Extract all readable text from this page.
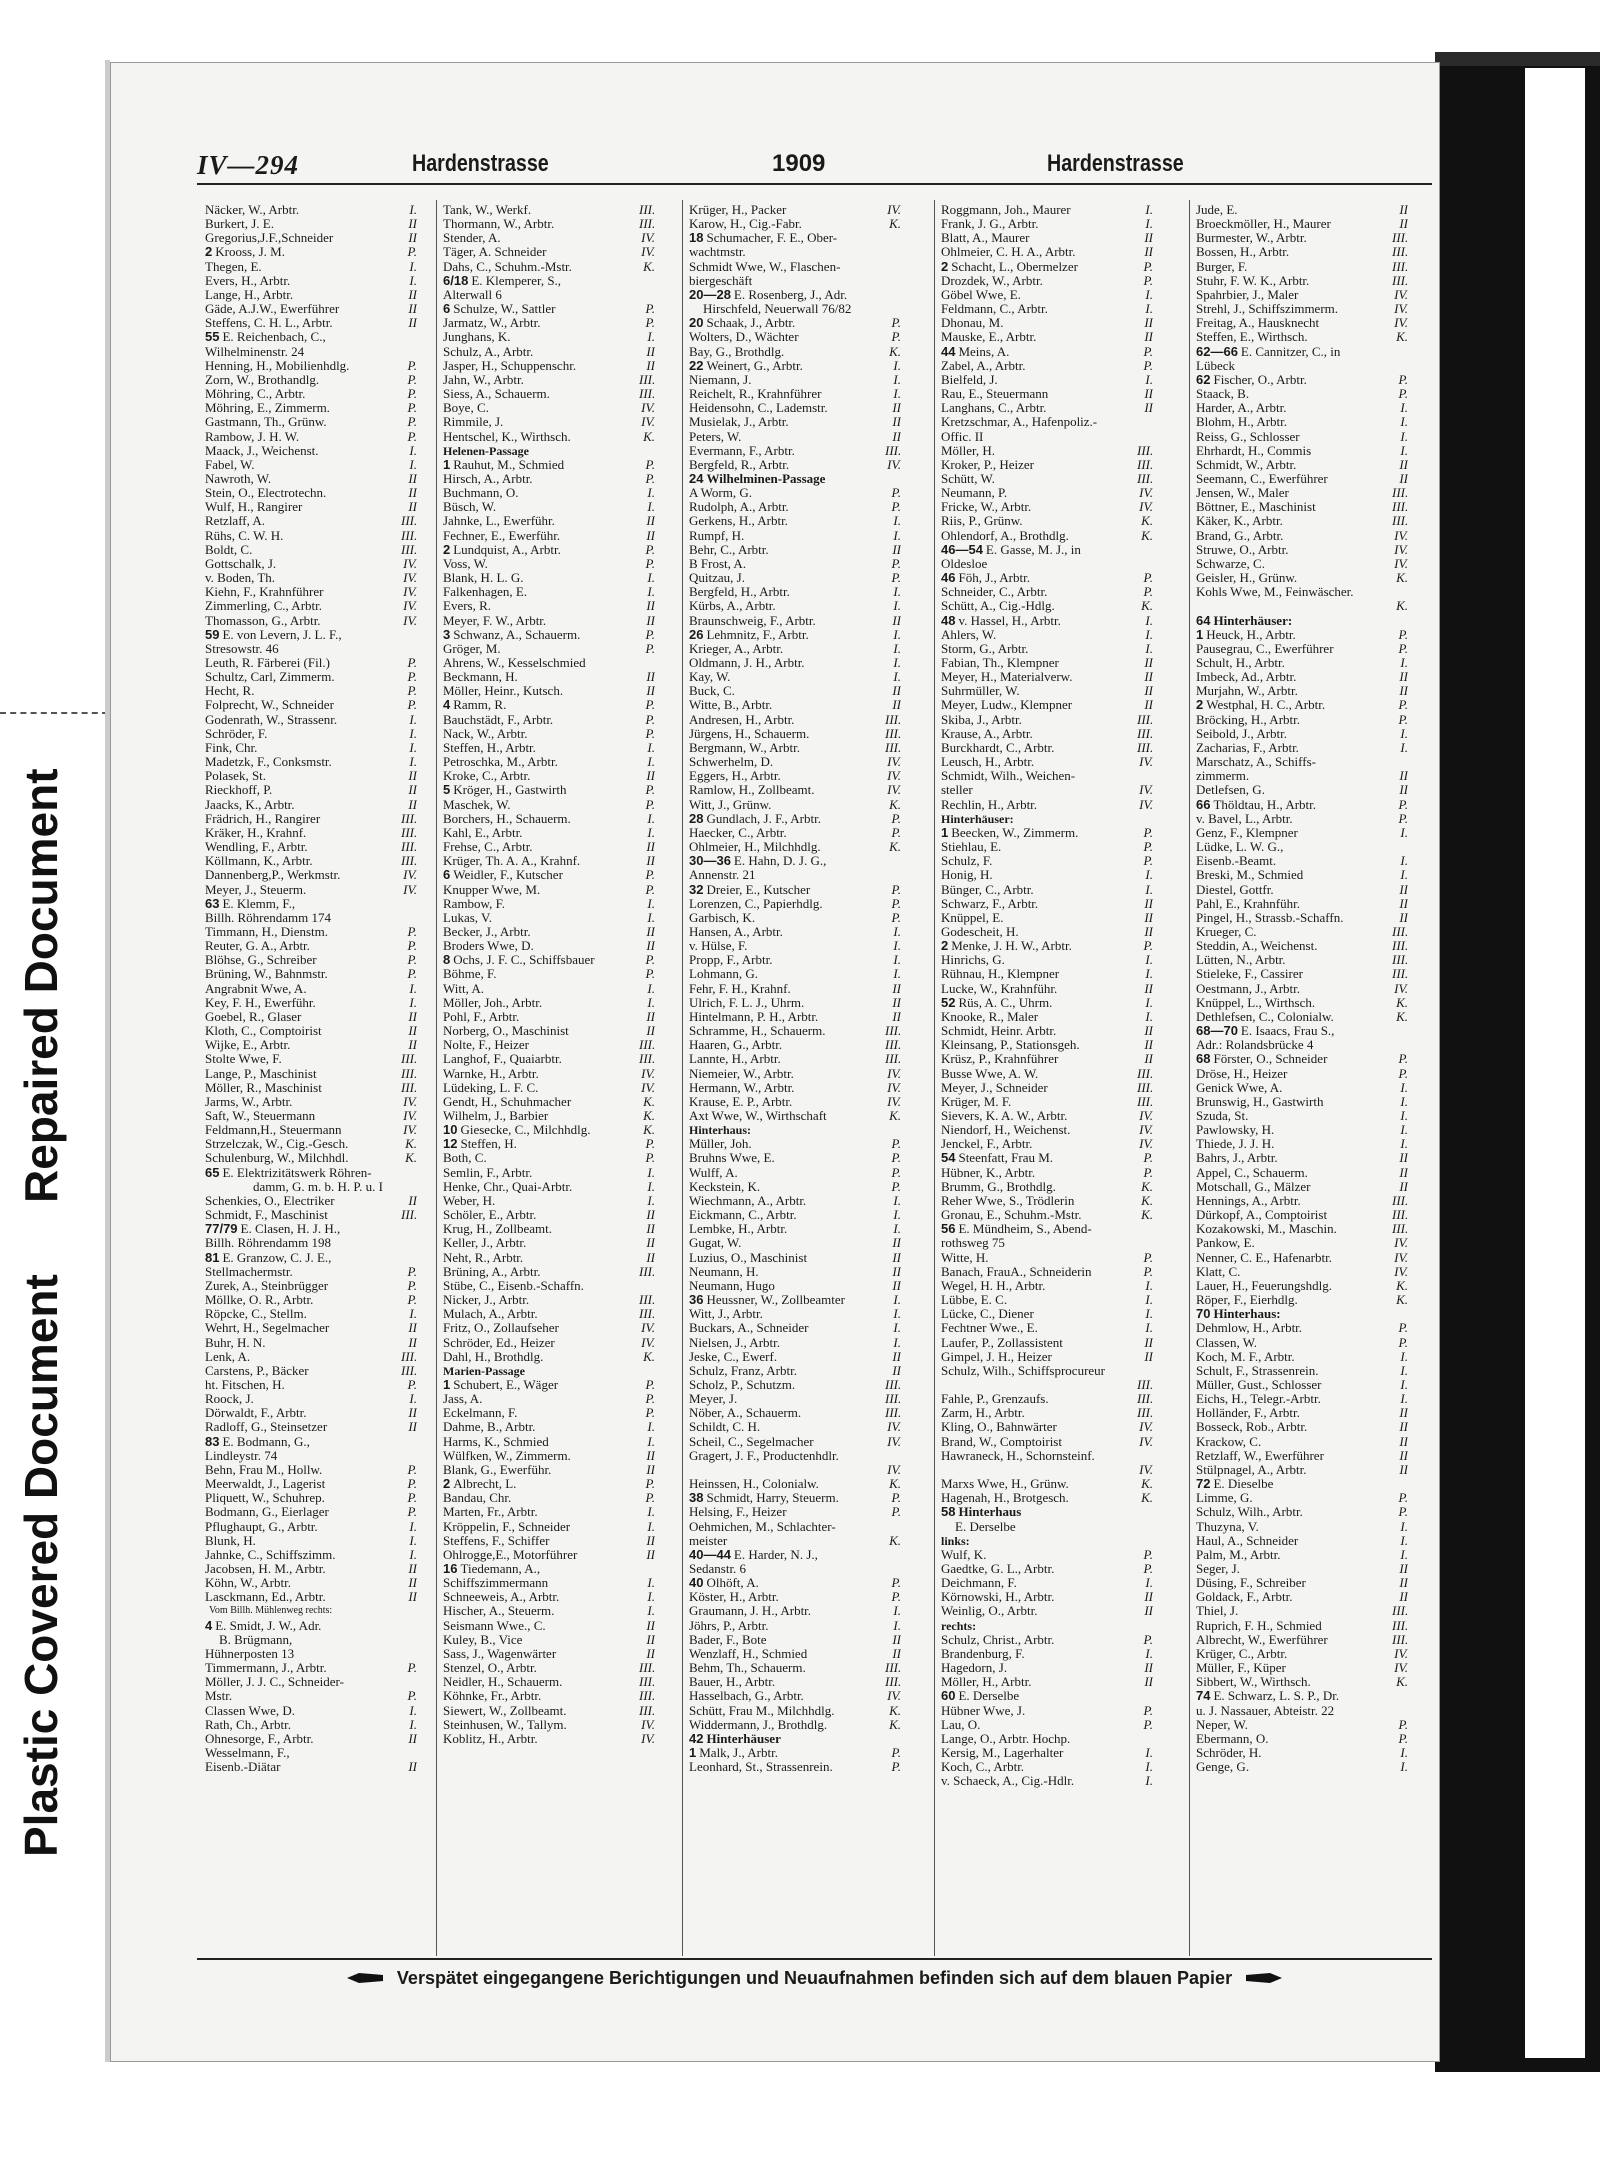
Repaired Document
Plastic Covered Document
IV—294	Hardenstrasse	1909	Hardenstrasse
Näcker, W., Arbtr.	I.
Burkert, J. E.	II
Gregorius,J.F.,Schneider	II
2 Krooss, J. M.	P.
Thegen, E.	I.
Evers, H., Arbtr.	I.
Lange, H., Arbtr.	II
Gäde, A.J.W., Ewerführer	II
Steffens, C. H. L., Arbtr.	II
55 E. Reichenbach, C.,
Wilhelminenstr. 24
Henning, H., Mobilienhdlg.	P.
Zorn, W., Brothandlg.	P.
Möhring, C., Arbtr.	P.
Möhring, E., Zimmerm.	P.
Gastmann, Th., Grünw.	P.
Rambow, J. H. W.	P.
Maack, J., Weichenst.	I.
Fabel, W.	I.
Nawroth, W.	II
Stein, O., Electrotechn.	II
Wulf, H., Rangirer	II
Retzlaff, A.	III.
Rühs, C. W. H.	III.
Boldt, C.	III.
Gottschalk, J.	IV.
v. Boden, Th.	IV.
Kiehn, F., Krahnführer	IV.
Zimmerling, C., Arbtr.	IV.
Thomasson, G., Arbtr.	IV.
59 E. von Levern, J. L. F.,
Stresowstr. 46
Leuth, R. Färberei (Fil.)	P.
Schultz, Carl, Zimmerm.	P.
Hecht, R.	P.
Folprecht, W., Schneider	P.
Godenrath, W., Strassenr.	I.
Schröder, F.	I.
Fink, Chr.	I.
Madetzk, F., Conksmstr.	I.
Polasek, St.	II
Rieckhoff, P.	II
Jaacks, K., Arbtr.	II
Frädrich, H., Rangirer	III.
Kräker, H., Krahnf.	III.
Wendling, F., Arbtr.	III.
Köllmann, K., Arbtr.	III.
Dannenberg,P., Werkmstr.	IV.
Meyer, J., Steuerm.	IV.
63 E. Klemm, F.,
Billh. Röhrendamm 174
Timmann, H., Dienstm.	P.
Reuter, G. A., Arbtr.	P.
Blöhse, G., Schreiber	P.
Brüning, W., Bahnmstr.	P.
Angrabnit Wwe, A.	I.
Key, F. H., Ewerführ.	I.
Goebel, R., Glaser	II
Kloth, C., Comptoirist	II
Wijke, E., Arbtr.	II
Stolte Wwe, F.	III.
Lange, P., Maschinist	III.
Möller, R., Maschinist	III.
Jarms, W., Arbtr.	IV.
Saft, W., Steuermann	IV.
Feldmann,H., Steuermann	IV.
Strzelczak, W., Cig.-Gesch.	K.
Schulenburg, W., Milchhdl.	K.
65 E. Elektrizitätswerk Röhren-
damm, G. m. b. H. P. u. I
Schenkies, O., Electriker	II
Schmidt, F., Maschinist	III.
77/79 E. Clasen, H. J. H.,
Billh. Röhrendamm 198
81 E. Granzow, C. J. E.,
Stellmachermstr.	P.
Zurek, A., Steinbrügger	P.
Möllke, O. R., Arbtr.	P.
Röpcke, C., Stellm.	I.
Wehrt, H., Segelmacher	II
Buhr, H. N.	II
Lenk, A.	III.
Carstens, P., Bäcker	III.
ht. Fitschen, H.	P.
Roock, J.	I.
Dörwaldt, F., Arbtr.	II
Radloff, G., Steinsetzer	II
83 E. Bodmann, G.,
Lindleystr. 74
Behn, Frau M., Hollw.	P.
Meerwaldt, J., Lagerist	P.
Pliquett, W., Schuhrep.	P.
Bodmann, G., Eierlager	P.
Pflughaupt, G., Arbtr.	I.
Blunk, H.	I.
Jahnke, C., Schiffszimm.	I.
Jacobsen, H. M., Arbtr.	II
Köhn, W., Arbtr.	II
Lasckmann, Ed., Arbtr.	II
Vom Billh. Mühlenweg rechts:
4 E. Smidt, J. W., Adr.
B. Brügmann,
Hühnerposten 13
Timmermann, J., Arbtr.	P.
Möller, J. J. C., Schneider-
Mstr.	P.
Classen Wwe, D.	I.
Rath, Ch., Arbtr.	I.
Ohnesorge, F., Arbtr.	II
Wesselmann, F.,
Eisenb.-Diätar	II
Tank, W., Werkf.	III.
Thormann, W., Arbtr.	III.
Stender, A.	IV.
Täger, A. Schneider	IV.
Dahs, C., Schuhm.-Mstr.	K.
6/18 E. Klemperer, S.,
Alterwall 6
6 Schulze, W., Sattler	P.
Jarmatz, W., Arbtr.	P.
Junghans, K.	I.
Schulz, A., Arbtr.	II
Jasper, H., Schuppenschr.	II
Jahn, W., Arbtr.	III.
Siess, A., Schauerm.	III.
Boye, C.	IV.
Rimmile, J.	IV.
Hentschel, K., Wirthsch.	K.
Helenen-Passage
1 Rauhut, M., Schmied	P.
Hirsch, A., Arbtr.	P.
Buchmann, O.	I.
Büsch, W.	I.
Jahnke, L., Ewerführ.	II
Fechner, E., Ewerführ.	II
2 Lundquist, A., Arbtr.	P.
Voss, W.	P.
Blank, H. L. G.	I.
Falkenhagen, E.	I.
Evers, R.	II
Meyer, F. W., Arbtr.	II
3 Schwanz, A., Schauerm.	P.
Gröger, M.	P.
Ahrens, W., Kesselschmied
Beckmann, H.	II
Möller, Heinr., Kutsch.	II
4 Ramm, R.	P.
Bauchstädt, F., Arbtr.	P.
Nack, W., Arbtr.	P.
Steffen, H., Arbtr.	I.
Petroschka, M., Arbtr.	I.
Kroke, C., Arbtr.	II
5 Kröger, H., Gastwirth	P.
Maschek, W.	P.
Borchers, H., Schauerm.	I.
Kahl, E., Arbtr.	I.
Frehse, C., Arbtr.	II
Krüger, Th. A. A., Krahnf.	II
6 Weidler, F., Kutscher	P.
Knupper Wwe, M.	P.
Rambow, F.	I.
Lukas, V.	I.
Becker, J., Arbtr.	II
Broders Wwe, D.	II
8 Ochs, J. F. C., Schiffsbauer	P.
Böhme, F.	P.
Witt, A.	I.
Möller, Joh., Arbtr.	I.
Pohl, F., Arbtr.	II
Norberg, O., Maschinist	II
Nolte, F., Heizer	III.
Langhof, F., Quaiarbtr.	III.
Warnke, H., Arbtr.	IV.
Lüdeking, L. F. C.	IV.
Gendt, H., Schuhmacher	K.
Wilhelm, J., Barbier	K.
10 Giesecke, C., Milchhdlg.	K.
12 Steffen, H.	P.
Both, C.	P.
Semlin, F., Arbtr.	I.
Henke, Chr., Quai-Arbtr.	I.
Weber, H.	I.
Schöler, E., Arbtr.	II
Krug, H., Zollbeamt.	II
Keller, J., Arbtr.	II
Neht, R., Arbtr.	II
Brüning, A., Arbtr.	III.
Stübe, C., Eisenb.-Schaffn.
Nicker, J., Arbtr.	III.
Mulach, A., Arbtr.	III.
Fritz, O., Zollaufseher	IV.
Schröder, Ed., Heizer	IV.
Dahl, H., Brothdlg.	K.
Marien-Passage
1 Schubert, E., Wäger	P.
Jass, A.	P.
Eckelmann, F.	P.
Dahme, B., Arbtr.	I.
Harms, K., Schmied	I.
Wülfken, W., Zimmerm.	II
Blank, G., Ewerführ.	II
2 Albrecht, L.	P.
Bandau, Chr.	P.
Marten, Fr., Arbtr.	I.
Kröppelin, F., Schneider	I.
Steffens, F., Schiffer	II
Ohlrogge,E., Motorführer	II
16 Tiedemann, A.,
Schiffszimmermann	I.
Schneeweis, A., Arbtr.	I.
Hischer, A., Steuerm.	I.
Seismann Wwe., C.	II
Kuley, B., Vice	II
Sass, J., Wagenwärter	II
Stenzel, O., Arbtr.	III.
Neidler, H., Schauerm.	III.
Köhnke, Fr., Arbtr.	III.
Siewert, W., Zollbeamt.	III.
Steinhusen, W., Tallym.	IV.
Koblitz, H., Arbtr.	IV.
Krüger, H., Packer	IV.
Karow, H., Cig.-Fabr.	K.
18 Schumacher, F. E., Ober-
wachtmstr.
Schmidt Wwe, W., Flaschen-
biergeschäft
20—28 E. Rosenberg, J., Adr.
Hirschfeld, Neuerwall 76/82
20 Schaak, J., Arbtr.	P.
Wolters, D., Wächter	P.
Bay, G., Brothdlg.	K.
22 Weinert, G., Arbtr.	I.
Niemann, J.	I.
Reichelt, R., Krahnführer	I.
Heidensohn, C., Lademstr.	II
Musielak, J., Arbtr.	II
Peters, W.	II
Evermann, F., Arbtr.	III.
Bergfeld, R., Arbtr.	IV.
24 Wilhelminen-Passage
A Worm, G.	P.
Rudolph, A., Arbtr.	P.
Gerkens, H., Arbtr.	I.
Rumpf, H.	I.
Behr, C., Arbtr.	II
B Frost, A.	P.
Quitzau, J.	P.
Bergfeld, H., Arbtr.	I.
Kürbs, A., Arbtr.	I.
Braunschweig, F., Arbtr.	II
26 Lehmnitz, F., Arbtr.	I.
Krieger, A., Arbtr.	I.
Oldmann, J. H., Arbtr.	I.
Kay, W.	I.
Buck, C.	II
Witte, B., Arbtr.	II
Andresen, H., Arbtr.	III.
Jürgens, H., Schauerm.	III.
Bergmann, W., Arbtr.	III.
Schwerhelm, D.	IV.
Eggers, H., Arbtr.	IV.
Ramlow, H., Zollbeamt.	IV.
Witt, J., Grünw.	K.
28 Gundlach, J. F., Arbtr.	P.
Haecker, C., Arbtr.	P.
Ohlmeier, H., Milchhdlg.	K.
30—36 E. Hahn, D. J. G.,
Annenstr. 21
32 Dreier, E., Kutscher	P.
Lorenzen, C., Papierhdlg.	P.
Garbisch, K.	P.
Hansen, A., Arbtr.	I.
v. Hülse, F.	I.
Propp, F., Arbtr.	I.
Lohmann, G.	I.
Fehr, F. H., Krahnf.	II
Ulrich, F. L. J., Uhrm.	II
Hintelmann, P. H., Arbtr.	II
Schramme, H., Schauerm.	III.
Haaren, G., Arbtr.	III.
Lannte, H., Arbtr.	III.
Niemeier, W., Arbtr.	IV.
Hermann, W., Arbtr.	IV.
Krause, E. P., Arbtr.	IV.
Axt Wwe, W., Wirthschaft	K.
Hinterhaus:
Müller, Joh.	P.
Bruhns Wwe, E.	P.
Wulff, A.	P.
Keckstein, K.	P.
Wiechmann, A., Arbtr.	I.
Eickmann, C., Arbtr.	I.
Lembke, H., Arbtr.	I.
Gugat, W.	II
Luzius, O., Maschinist	II
Neumann, H.	II
Neumann, Hugo	II
36 Heussner, W., Zollbeamter	I.
Witt, J., Arbtr.	I.
Buckars, A., Schneider	I.
Nielsen, J., Arbtr.	I.
Jeske, C., Ewerf.	II
Schulz, Franz, Arbtr.	II
Scholz, P., Schutzm.	III.
Meyer, J.	III.
Nöber, A., Schauerm.	III.
Schildt, C. H.	IV.
Scheil, C., Segelmacher	IV.
Gragert, J. F., Productenhdlr.
IV.
Heinssen, H., Colonialw.	K.
38 Schmidt, Harry, Steuerm.	P.
Helsing, F., Heizer	P.
Oehmichen, M., Schlachter-
meister	K.
40—44 E. Harder, N. J.,
Sedanstr. 6
40 Olhöft, A.	P.
Köster, H., Arbtr.	P.
Graumann, J. H., Arbtr.	I.
Jöhrs, P., Arbtr.	I.
Bader, F., Bote	II
Wenzlaff, H., Schmied	II
Behm, Th., Schauerm.	III.
Bauer, H., Arbtr.	III.
Hasselbach, G., Arbtr.	IV.
Schütt, Frau M., Milchhdlg.	K.
Widdermann, J., Brothdlg.	K.
42 Hinterhäuser
1 Malk, J., Arbtr.	P.
Leonhard, St., Strassenrein.	P.
Roggmann, Joh., Maurer	I.
Frank, J. G., Arbtr.	I.
Blatt, A., Maurer	II
Ohlmeier, C. H. A., Arbtr.	II
2 Schacht, L., Obermelzer	P.
Drozdek, W., Arbtr.	P.
Göbel Wwe, E.	I.
Feldmann, C., Arbtr.	I.
Dhonau, M.	II
Mauske, E., Arbtr.	II
44 Meins, A.	P.
Zabel, A., Arbtr.	P.
Bielfeld, J.	I.
Rau, E., Steuermann	II
Langhans, C., Arbtr.	II
Kretzschmar, A., Hafenpoliz.-
Offic. II
Möller, H.	III.
Kroker, P., Heizer	III.
Schütt, W.	III.
Neumann, P.	IV.
Fricke, W., Arbtr.	IV.
Riis, P., Grünw.	K.
Ohlendorf, A., Brothdlg.	K.
46—54 E. Gasse, M. J., in
Oldesloe
46 Föh, J., Arbtr.	P.
Schneider, C., Arbtr.	P.
Schütt, A., Cig.-Hdlg.	K.
48 v. Hassel, H., Arbtr.	I.
Ahlers, W.	I.
Storm, G., Arbtr.	I.
Fabian, Th., Klempner	II
Meyer, H., Materialverw.	II
Suhrmüller, W.	II
Meyer, Ludw., Klempner	II
Skiba, J., Arbtr.	III.
Krause, A., Arbtr.	III.
Burckhardt, C., Arbtr.	III.
Leusch, H., Arbtr.	IV.
Schmidt, Wilh., Weichen-
steller	IV.
Rechlin, H., Arbtr.	IV.
Hinterhäuser:
1 Beecken, W., Zimmerm.	P.
Stiehlau, E.	P.
Schulz, F.	P.
Honig, H.	I.
Bünger, C., Arbtr.	I.
Schwarz, F., Arbtr.	II
Knüppel, E.	II
Godescheit, H.	II
2 Menke, J. H. W., Arbtr.	P.
Hinrichs, G.	I.
Rühnau, H., Klempner	I.
Lucke, W., Krahnführ.	II
52 Rüs, A. C., Uhrm.	I.
Knooke, R., Maler	I.
Schmidt, Heinr. Arbtr.	II
Kleinsang, P., Stationsgeh.	II
Krüsz, P., Krahnführer	II
Busse Wwe, A. W.	III.
Meyer, J., Schneider	III.
Krüger, M. F.	III.
Sievers, K. A. W., Arbtr.	IV.
Niendorf, H., Weichenst.	IV.
Jenckel, F., Arbtr.	IV.
54 Steenfatt, Frau M.	P.
Hübner, K., Arbtr.	P.
Brumm, G., Brothdlg.	K.
Reher Wwe, S., Trödlerin	K.
Gronau, E., Schuhm.-Mstr.	K.
56 E. Mündheim, S., Abend-
rothsweg 75
Witte, H.	P.
Banach, FrauA., Schneiderin	P.
Wegel, H. H., Arbtr.	I.
Lübbe, E. C.	I.
Lücke, C., Diener	I.
Fechtner Wwe., E.	I.
Laufer, P., Zollassistent	II
Gimpel, J. H., Heizer	II
Schulz, Wilh., Schiffsprocureur
III.
Fahle, P., Grenzaufs.	III.
Zarm, H., Arbtr.	III.
Kling, O., Bahnwärter	IV.
Brand, W., Comptoirist	IV.
Hawraneck, H., Schornsteinf.
IV.
Marxs Wwe, H., Grünw.	K.
Hagenah, H., Brotgesch.	K.
58 Hinterhaus
E. Derselbe
links:
Wulf, K.	P.
Gaedtke, G. L., Arbtr.	P.
Deichmann, F.	I.
Körnowski, H., Arbtr.	II
Weinlig, O., Arbtr.	II
rechts:
Schulz, Christ., Arbtr.	P.
Brandenburg, F.	I.
Hagedorn, J.	II
Möller, H., Arbtr.	II
60 E. Derselbe
Hübner Wwe, J.	P.
Lau, O.	P.
Lange, O., Arbtr. Hochp.
Kersig, M., Lagerhalter	I.
Koch, C., Arbtr.	I.
v. Schaeck, A., Cig.-Hdlr.	I.
Jude, E.	II
Broeckmöller, H., Maurer	II
Burmester, W., Arbtr.	III.
Bossen, H., Arbtr.	III.
Burger, F.	III.
Stuhr, F. W. K., Arbtr.	III.
Spahrbier, J., Maler	IV.
Strehl, J., Schiffszimmerm.	IV.
Freitag, A., Hausknecht	IV.
Steffen, E., Wirthsch.	K.
62—66 E. Cannitzer, C., in
Lübeck
62 Fischer, O., Arbtr.	P.
Staack, B.	P.
Harder, A., Arbtr.	I.
Blohm, H., Arbtr.	I.
Reiss, G., Schlosser	I.
Ehrhardt, H., Commis	I.
Schmidt, W., Arbtr.	II
Seemann, C., Ewerführer	II
Jensen, W., Maler	III.
Böttner, E., Maschinist	III.
Käker, K., Arbtr.	III.
Brand, G., Arbtr.	IV.
Struwe, O., Arbtr.	IV.
Schwarze, C.	IV.
Geisler, H., Grünw.	K.
Kohls Wwe, M., Feinwäscher.
K.
64 Hinterhäuser:
1 Heuck, H., Arbtr.	P.
Pausegrau, C., Ewerführer	P.
Schult, H., Arbtr.	I.
Imbeck, Ad., Arbtr.	II
Murjahn, W., Arbtr.	II
2 Westphal, H. C., Arbtr.	P.
Bröcking, H., Arbtr.	P.
Seibold, J., Arbtr.	I.
Zacharias, F., Arbtr.	I.
Marschatz, A., Schiffs-
zimmerm.	II
Detlefsen, G.	II
66 Thöldtau, H., Arbtr.	P.
v. Bavel, L., Arbtr.	P.
Genz, F., Klempner	I.
Lüdke, L. W. G.,
Eisenb.-Beamt.	I.
Breski, M., Schmied	I.
Diestel, Gottfr.	II
Pahl, E., Krahnführ.	II
Pingel, H., Strassb.-Schaffn.	II
Krueger, C.	III.
Steddin, A., Weichenst.	III.
Lütten, N., Arbtr.	III.
Stieleke, F., Cassirer	III.
Oestmann, J., Arbtr.	IV.
Knüppel, L., Wirthsch.	K.
Dethlefsen, C., Colonialw.	K.
68—70 E. Isaacs, Frau S.,
Adr.: Rolandsbrücke 4
68 Förster, O., Schneider	P.
Dröse, H., Heizer	P.
Genick Wwe, A.	I.
Brunswig, H., Gastwirth	I.
Szuda, St.	I.
Pawlowsky, H.	I.
Thiede, J. J. H.	I.
Bahrs, J., Arbtr.	II
Appel, C., Schauerm.	II
Motschall, G., Mälzer	II
Hennings, A., Arbtr.	III.
Dürkopf, A., Comptoirist	III.
Kozakowski, M., Maschin.	III.
Pankow, E.	IV.
Nenner, C. E., Hafenarbtr.	IV.
Klatt, C.	IV.
Lauer, H., Feuerungshdlg.	K.
Röper, F., Eierhdlg.	K.
70 Hinterhaus:
Dehmlow, H., Arbtr.	P.
Classen, W.	P.
Koch, M. F., Arbtr.	I.
Schult, F., Strassenrein.	I.
Müller, Gust., Schlosser	I.
Eichs, H., Telegr.-Arbtr.	I.
Holländer, F., Arbtr.	II
Bosseck, Rob., Arbtr.	II
Krackow, C.	II
Retzlaff, W., Ewerführer	II
Stülpnagel, A., Arbtr.	II
72 E. Dieselbe
Limme, G.	P.
Schulz, Wilh., Arbtr.	P.
Thuzyna, V.	I.
Haul, A., Schneider	I.
Palm, M., Arbtr.	I.
Seger, J.	II
Düsing, F., Schreiber	II
Goldack, F., Arbtr.	II
Thiel, J.	III.
Ruprich, F. H., Schmied	III.
Albrecht, W., Ewerführer	III.
Krüger, C., Arbtr.	IV.
Müller, F., Küper	IV.
Sibbert, W., Wirthsch.	K.
74 E. Schwarz, L. S. P., Dr.
u. J. Nassauer, Abteistr. 22
Neper, W.	P.
Ebermann, O.	P.
Schröder, H.	I.
Genge, G.	I.
Verspätet eingegangene Berichtigungen und Neuaufnahmen befinden sich auf dem blauen Papier
